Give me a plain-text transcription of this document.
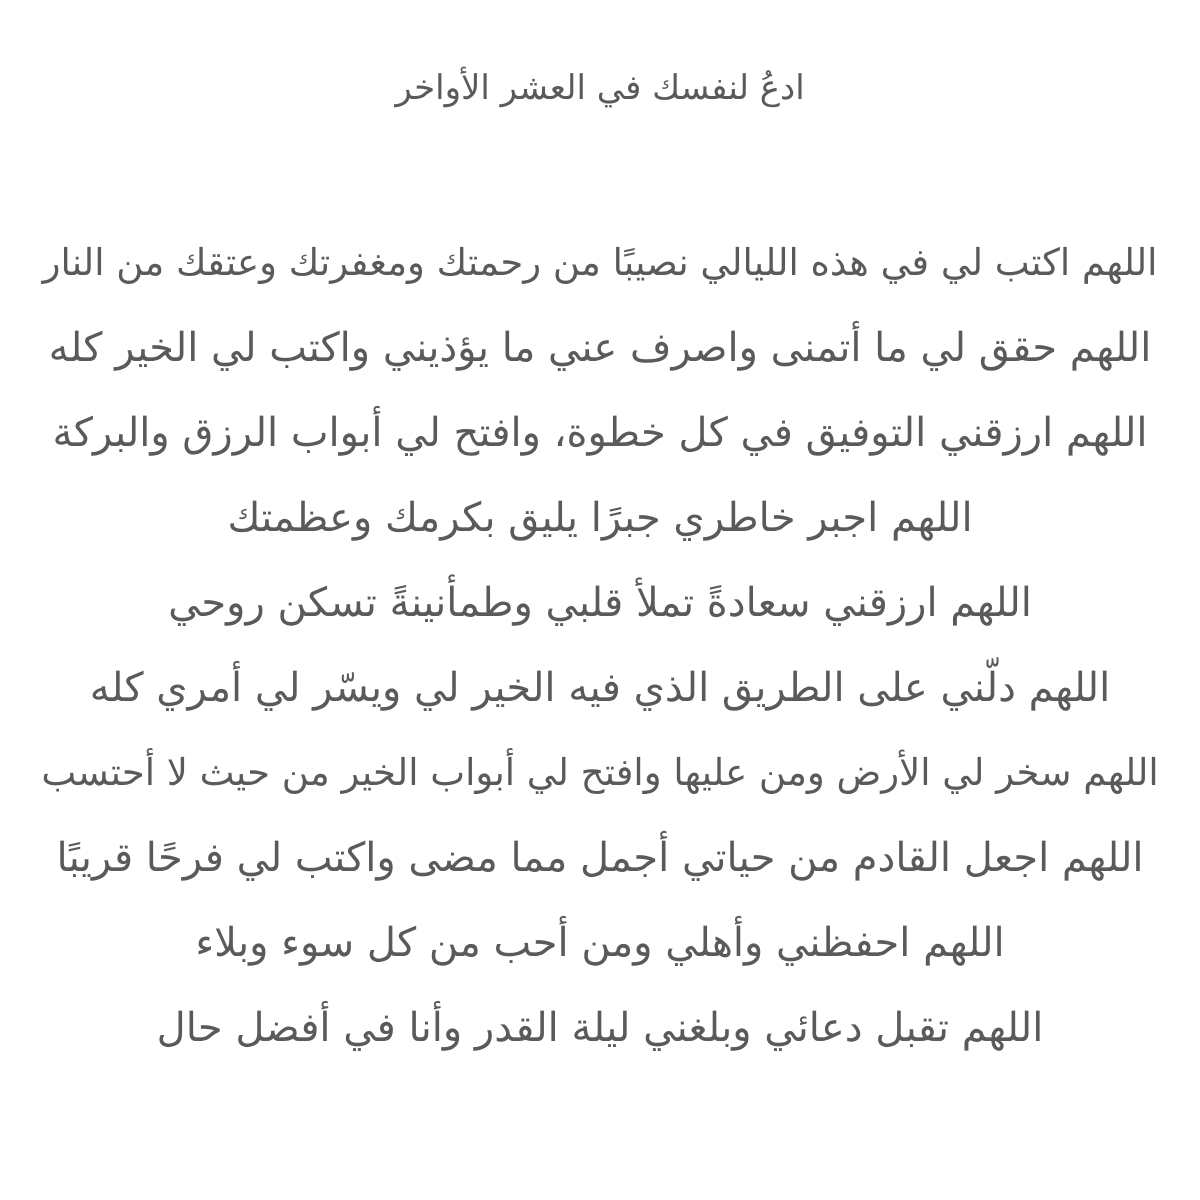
ادعُ لنفسك في العشر الأواخر
اللهم اكتب لي في هذه الليالي نصيبًا من رحمتك ومغفرتك وعتقك من النار
اللهم حقق لي ما أتمنى واصرف عني ما يؤذيني واكتب لي الخير كله
اللهم ارزقني التوفيق في كل خطوة، وافتح لي أبواب الرزق والبركة
اللهم اجبر خاطري جبرًا يليق بكرمك وعظمتك
اللهم ارزقني سعادةً تملأ قلبي وطمأنينةً تسكن روحي
اللهم دلّني على الطريق الذي فيه الخير لي ويسّر لي أمري كله
اللهم سخر لي الأرض ومن عليها وافتح لي أبواب الخير من حيث لا أحتسب
اللهم اجعل القادم من حياتي أجمل مما مضى واكتب لي فرحًا قريبًا
اللهم احفظني وأهلي ومن أحب من كل سوء وبلاء
اللهم تقبل دعائي وبلغني ليلة القدر وأنا في أفضل حال
